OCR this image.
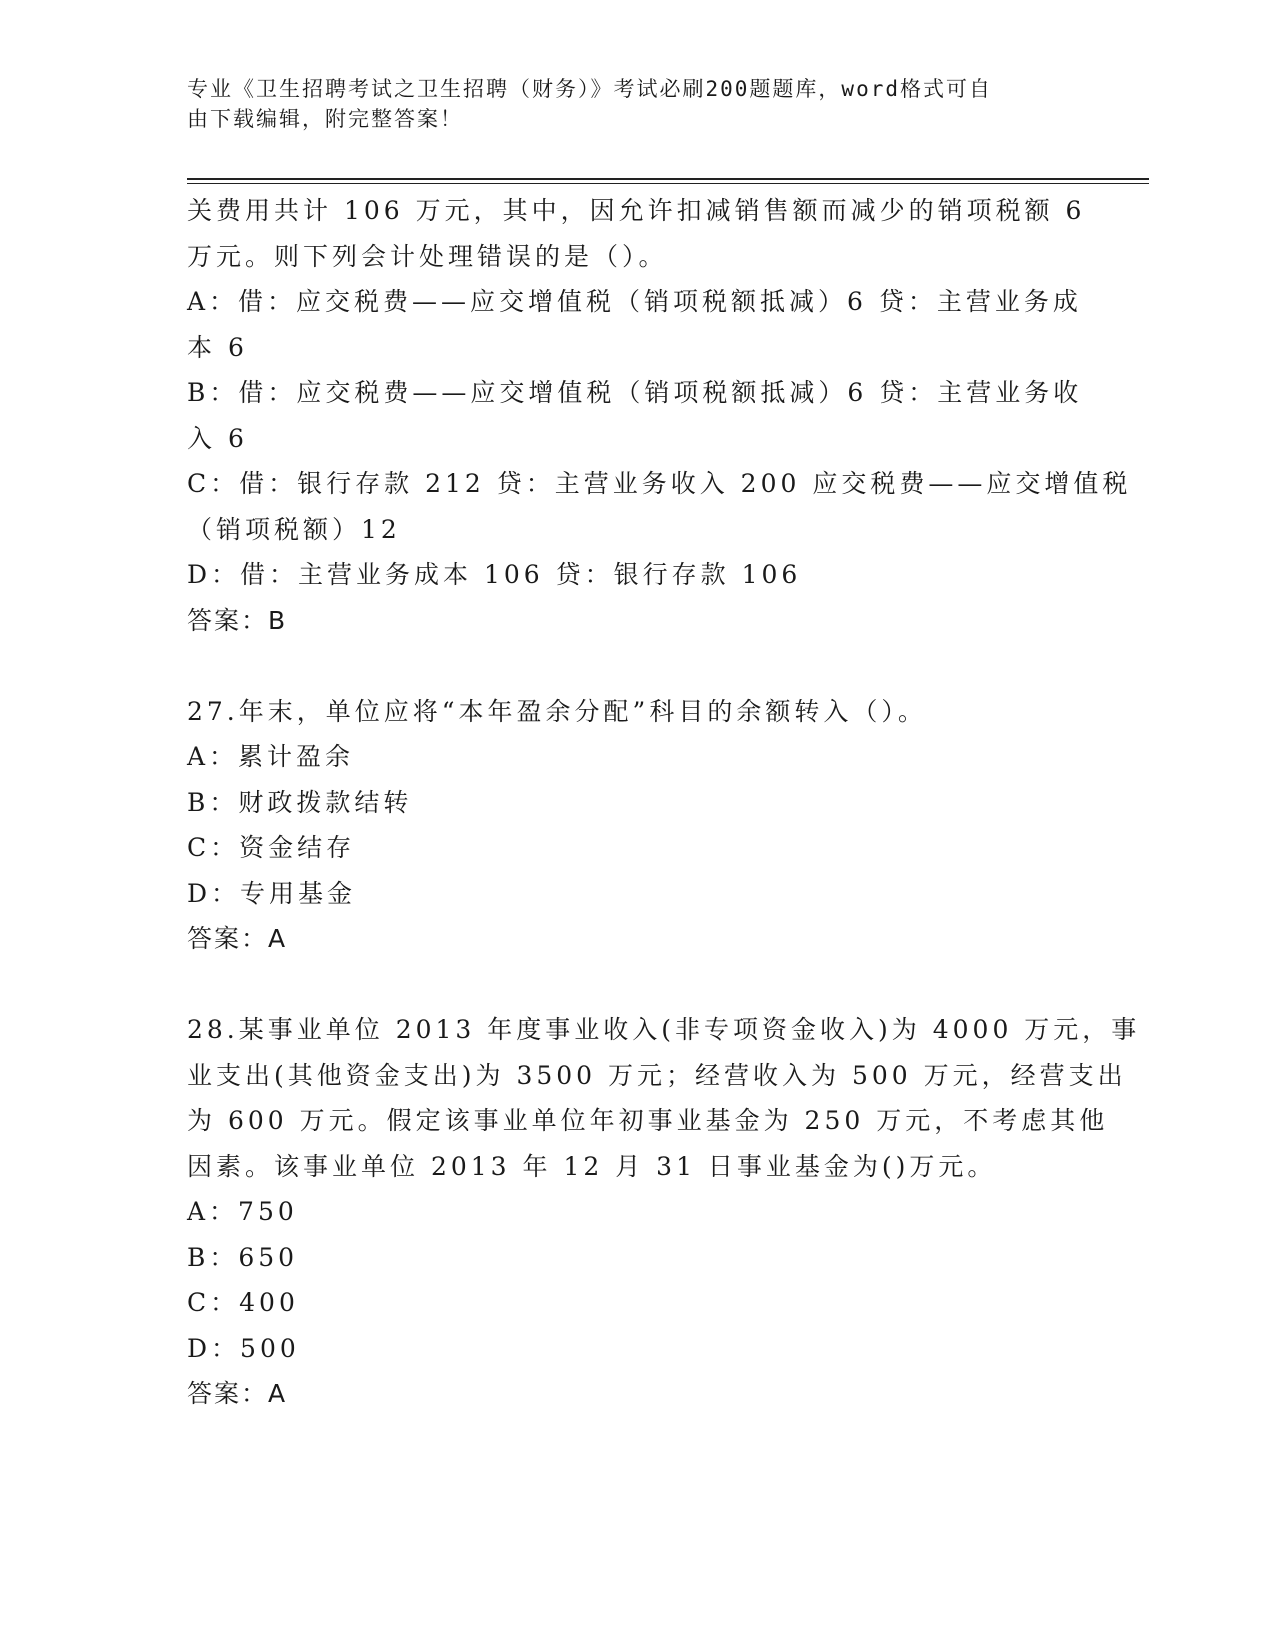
专业《卫生招聘考试之卫生招聘（财务）》考试必刷200题题库，word格式可自
由下载编辑，附完整答案！
关费用共计 106 万元，其中，因允许扣减销售额而减少的销项税额 6
万元。则下列会计处理错误的是（）。
A：借：应交税费——应交增值税（销项税额抵减）6 贷：主营业务成
本 6
B：借：应交税费——应交增值税（销项税额抵减）6 贷：主营业务收
入 6
C：借：银行存款 212 贷：主营业务收入 200 应交税费——应交增值税
（销项税额）12
D：借：主营业务成本 106 贷：银行存款 106
答案：B
27.年末，单位应将“本年盈余分配”科目的余额转入（）。
A：累计盈余
B：财政拨款结转
C：资金结存
D：专用基金
答案：A
28.某事业单位 2013 年度事业收入(非专项资金收入)为 4000 万元，事
业支出(其他资金支出)为 3500 万元；经营收入为 500 万元，经营支出
为 600 万元。假定该事业单位年初事业基金为 250 万元，不考虑其他
因素。该事业单位 2013 年 12 月 31 日事业基金为()万元。
A：750
B：650
C：400
D：500
答案：A
